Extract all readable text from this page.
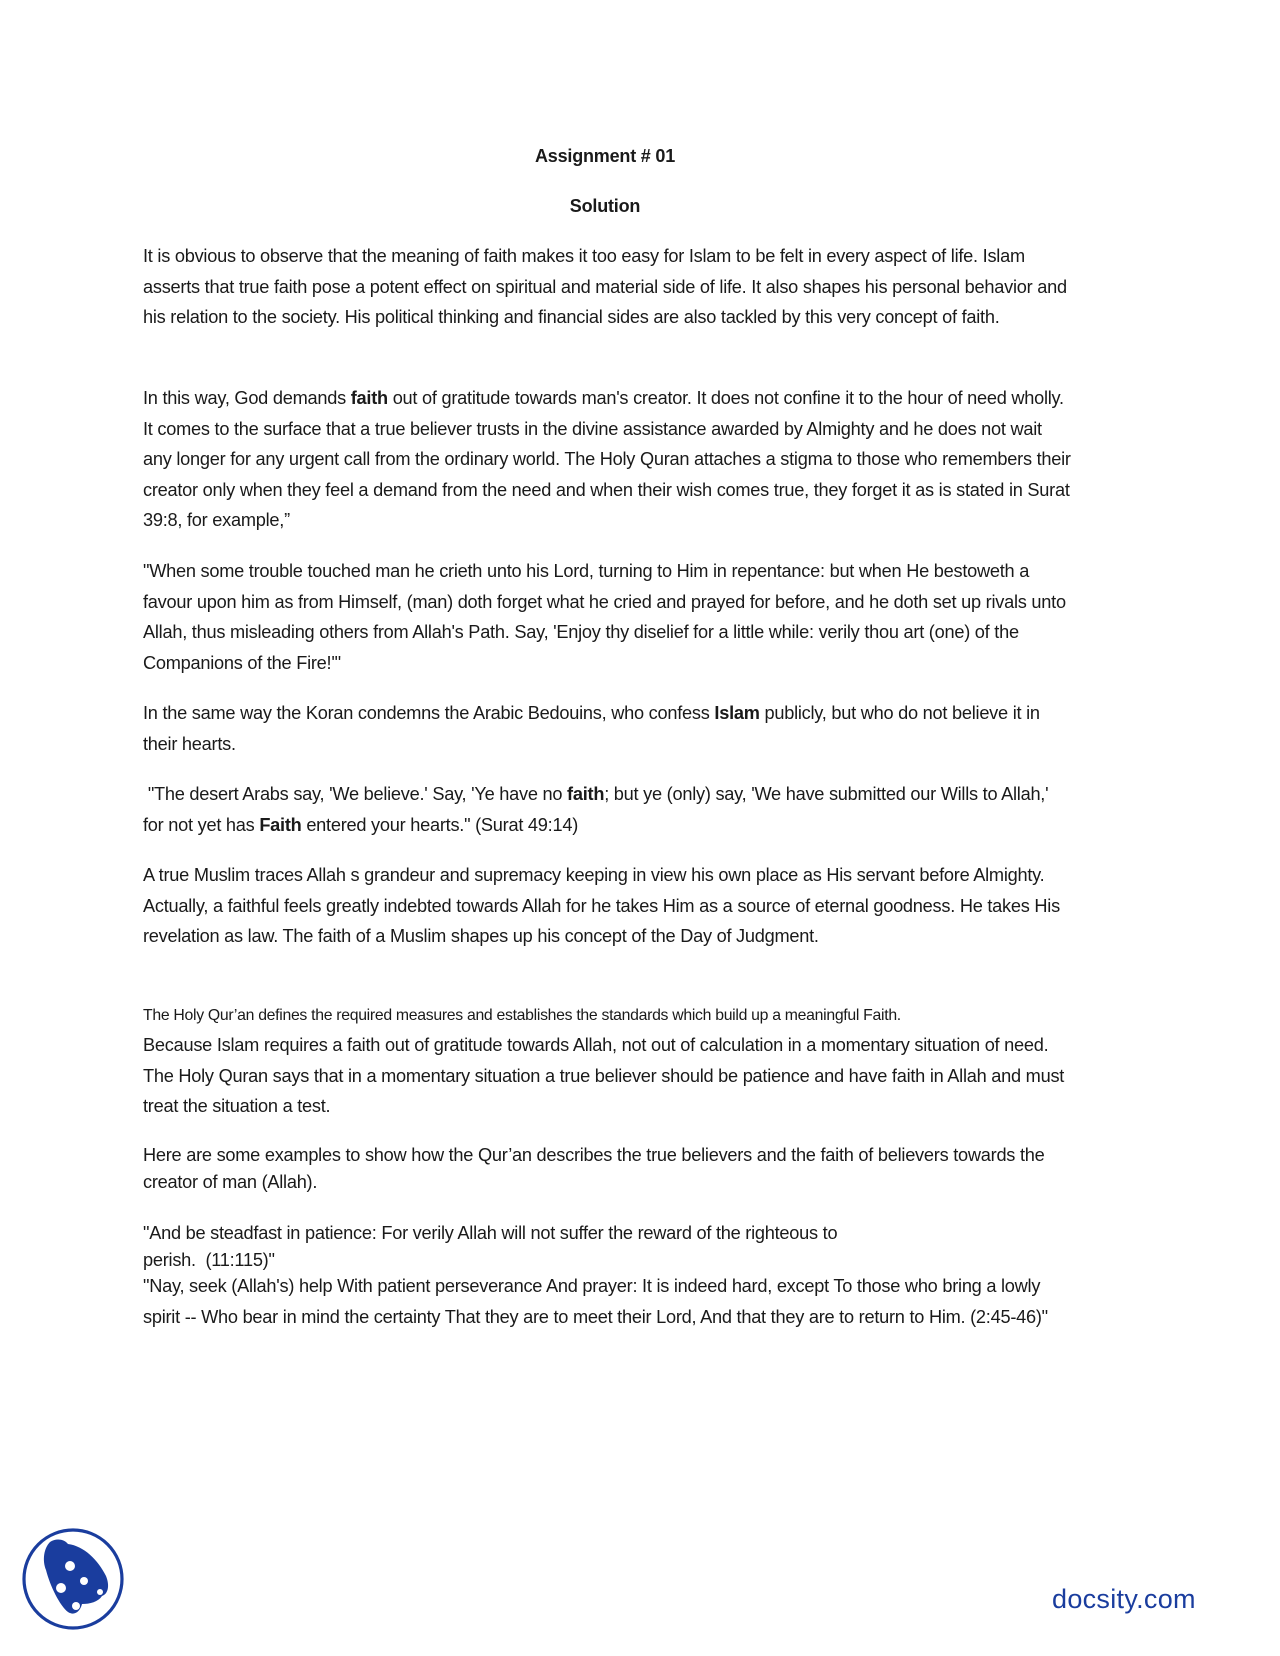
Assignment # 01
Solution

It is obvious to observe that the meaning of faith makes it too easy for Islam to be felt in every aspect of life. Islam asserts that true faith pose a potent effect on spiritual and material side of life. It also shapes his personal behavior and his relation to the society. His political thinking and financial sides are also tackled by this very concept of faith.

In this way, God demands faith out of gratitude towards man's creator. It does not confine it to the hour of need wholly. It comes to the surface that a true believer trusts in the divine assistance awarded by Almighty and he does not wait any longer for any urgent call from the ordinary world. The Holy Quran attaches a stigma to those who remembers their creator only when they feel a demand from the need and when their wish comes true, they forget it as is stated in Surat 39:8, for example,”

"When some trouble touched man he crieth unto his Lord, turning to Him in repentance: but when He bestoweth a favour upon him as from Himself, (man) doth forget what he cried and prayed for before, and he doth set up rivals unto Allah, thus misleading others from Allah's Path. Say, 'Enjoy thy diselief for a little while: verily thou art (one) of the Companions of the Fire!'"

In the same way the Koran condemns the Arabic Bedouins, who confess Islam publicly, but who do not believe it in their hearts.

"The desert Arabs say, 'We believe.' Say, 'Ye have no faith; but ye (only) say, 'We have submitted our Wills to Allah,' for not yet has Faith entered your hearts." (Surat 49:14)

A true Muslim traces Allah s grandeur and supremacy keeping in view his own place as His servant before Almighty. Actually, a faithful feels greatly indebted towards Allah for he takes Him as a source of eternal goodness. He takes His revelation as law. The faith of a Muslim shapes up his concept of the Day of Judgment.

The Holy Qur’an defines the required measures and establishes the standards which build up a meaningful Faith.

Because Islam requires a faith out of gratitude towards Allah, not out of calculation in a momentary situation of need. The Holy Quran says that in a momentary situation a true believer should be patience and have faith in Allah and must treat the situation a test.

Here are some examples to show how the Qur’an describes the true believers and the faith of believers towards the creator of man (Allah).

"And be steadfast in patience: For verily Allah will not suffer the reward of the righteous to

perish.  (11:115)"

"Nay, seek (Allah's) help With patient perseverance And prayer: It is indeed hard, except To those who bring a lowly spirit -- Who bear in mind the certainty That they are to meet their Lord, And that they are to return to Him. (2:45-46)"

docsity.com
